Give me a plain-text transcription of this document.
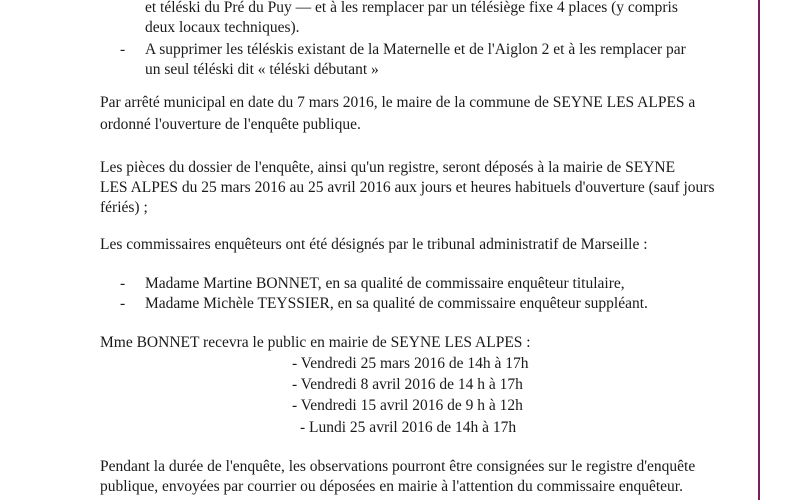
et téléski du Pré du Puy — et à les remplacer par un télésiège fixe 4 places (y compris
deux locaux techniques).
- A supprimer les téléskis existant de la Maternelle et de l'Aiglon 2 et à les remplacer par
un seul téléski dit « téléski débutant »
Par arrêté municipal en date du 7 mars 2016, le maire de la commune de SEYNE LES ALPES a
ordonné l'ouverture de l'enquête publique.
Les pièces du dossier de l'enquête, ainsi qu'un registre, seront déposés à la mairie de SEYNE
LES ALPES du 25 mars 2016 au 25 avril 2016 aux jours et heures habituels d'ouverture (sauf jours
fériés) ;
Les commissaires enquêteurs ont été désignés par le tribunal administratif de Marseille :
- Madame Martine BONNET, en sa qualité de commissaire enquêteur titulaire,
- Madame Michèle TEYSSIER, en sa qualité de commissaire enquêteur suppléant.
Mme BONNET recevra le public en mairie de SEYNE LES ALPES :
- Vendredi 25 mars 2016 de 14h à 17h
- Vendredi 8 avril 2016 de 14 h à 17h
- Vendredi 15 avril 2016 de 9 h à 12h
- Lundi 25 avril 2016 de 14h à 17h
Pendant la durée de l'enquête, les observations pourront être consignées sur le registre d'enquête
publique, envoyées par courrier ou déposées en mairie à l'attention du commissaire enquêteur.
